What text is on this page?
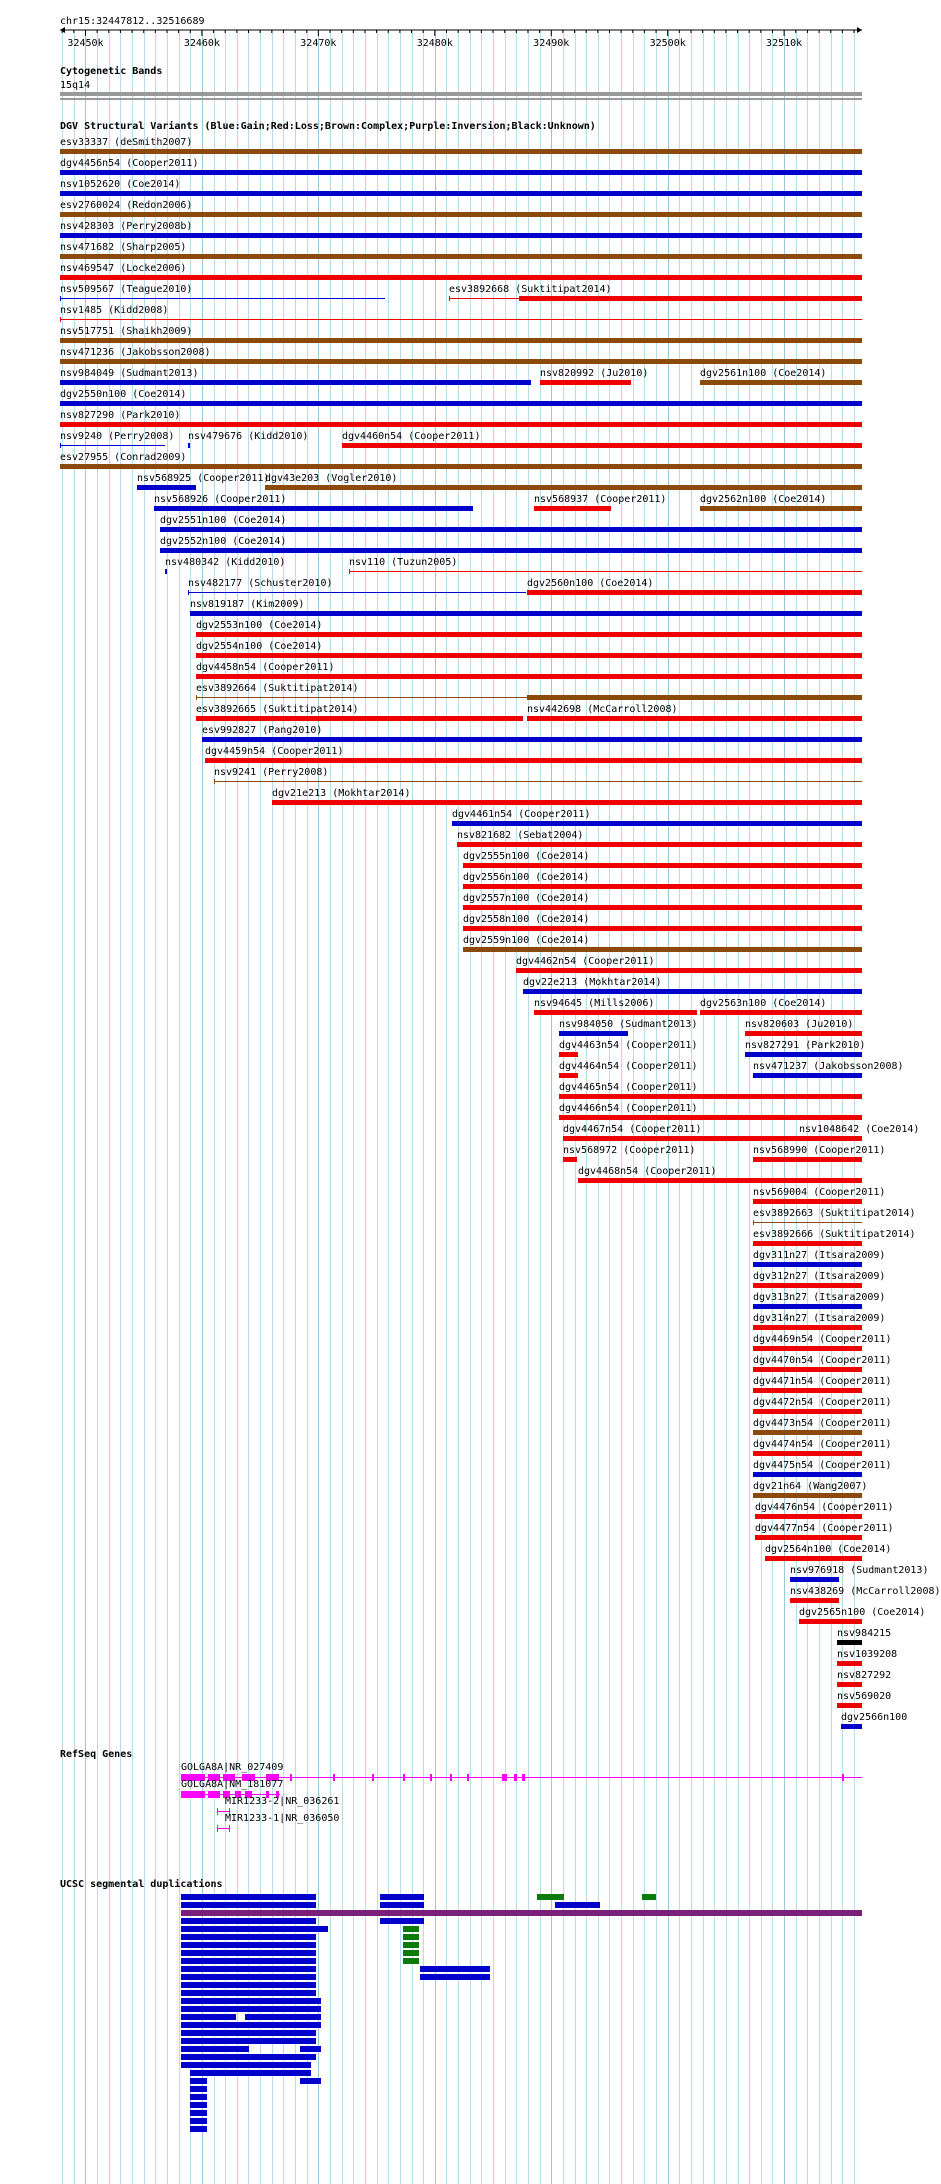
chr15:32447812..32516689
32450k	32460k	32470k	32480k	32490k	32500k	32510k
Cytogenetic Bands
15q14
DGV Structural Variants (Blue:Gain;Red:Loss;Brown:Complex;Purple:Inversion;Black:Unknown)
esv33337 (deSmith2007)
dgv4456n54 (Cooper2011)
nsv1052620 (Coe2014)
esv2760024 (Redon2006)
nsv428303 (Perry2008b)
nsv471682 (Sharp2005)
nsv469547 (Locke2006)
nsv509567 (Teague2010)	esv3892668 (Suktitipat2014)
nsv1485 (Kidd2008)
nsv517751 (Shaikh2009)
nsv471236 (Jakobsson2008)
nsv984049 (Sudmant2013)	nsv820992 (Ju2010)	dgv2561n100 (Coe2014)
dgv2550n100 (Coe2014)
nsv827290 (Park2010)
nsv9240 (Perry2008) nsv479676 (Kidd2010)	dgv4460n54 (Cooper2011)
esv27955 (Conrad2009)
nsv568925 (Cooper2011)
dgv43e203 (Vogler2010)
nsv568926 (Cooper2011)	nsv568937 (Cooper2011)	dgv2562n100 (Coe2014)
dgv2551n100 (Coe2014)
dgv2552n100 (Coe2014)
nsv480342 (Kidd2010)	nsv110 (Tuzun2005)
nsv482177 (Schuster2010)	dgv2560n100 (Coe2014)
nsv819187 (Kim2009)
dgv2553n100 (Coe2014)
dgv2554n100 (Coe2014)
dgv4458n54 (Cooper2011)
esv3892664 (Suktitipat2014)
esv3892665 (Suktitipat2014)	nsv442698 (McCarroll2008)
esv992827 (Pang2010)
dgv4459n54 (Cooper2011)
nsv9241 (Perry2008)
dgv21e213 (Mokhtar2014)
dgv4461n54 (Cooper2011)
nsv821682 (Sebat2004)
dgv2555n100 (Coe2014)
dgv2556n100 (Coe2014)
dgv2557n100 (Coe2014)
dgv2558n100 (Coe2014)
dgv2559n100 (Coe2014)
dgv4462n54 (Cooper2011)
dgv22e213 (Mokhtar2014)
nsv94645 (Mills2006)	dgv2563n100 (Coe2014)
nsv984050 (Sudmant2013)	nsv820603 (Ju2010)
dgv4463n54 (Cooper2011)	nsv827291 (Park2010)
dgv4464n54 (Cooper2011)	nsv471237 (Jakobsson2008)
dgv4465n54 (Cooper2011)
dgv4466n54 (Cooper2011)
dgv4467n54 (Cooper2011)	nsv1048642 (Coe2014)
nsv568972 (Cooper2011)	nsv568990 (Cooper2011)
dgv4468n54 (Cooper2011)
nsv569004 (Cooper2011)
esv3892663 (Suktitipat2014)
esv3892666 (Suktitipat2014)
dgv311n27 (Itsara2009)
dgv312n27 (Itsara2009)
dgv313n27 (Itsara2009)
dgv314n27 (Itsara2009)
dgv4469n54 (Cooper2011)
dgv4470n54 (Cooper2011)
dgv4471n54 (Cooper2011)
dgv4472n54 (Cooper2011)
dgv4473n54 (Cooper2011)
dgv4474n54 (Cooper2011)
dgv4475n54 (Cooper2011)
dgv21n64 (Wang2007)
dgv4476n54 (Cooper2011)
dgv4477n54 (Cooper2011)
dgv2564n100 (Coe2014)
nsv976918 (Sudmant2013)
nsv438269 (McCarroll2008)
dgv2565n100 (Coe2014)
nsv984215
nsv1039208
nsv827292
nsv569020
dgv2566n100
RefSeq Genes
GOLGA8A|NR_027409
GOLGA8A|NM_181077
MIR1233-2|NR_036261
MIR1233-1|NR_036050
UCSC segmental duplications
